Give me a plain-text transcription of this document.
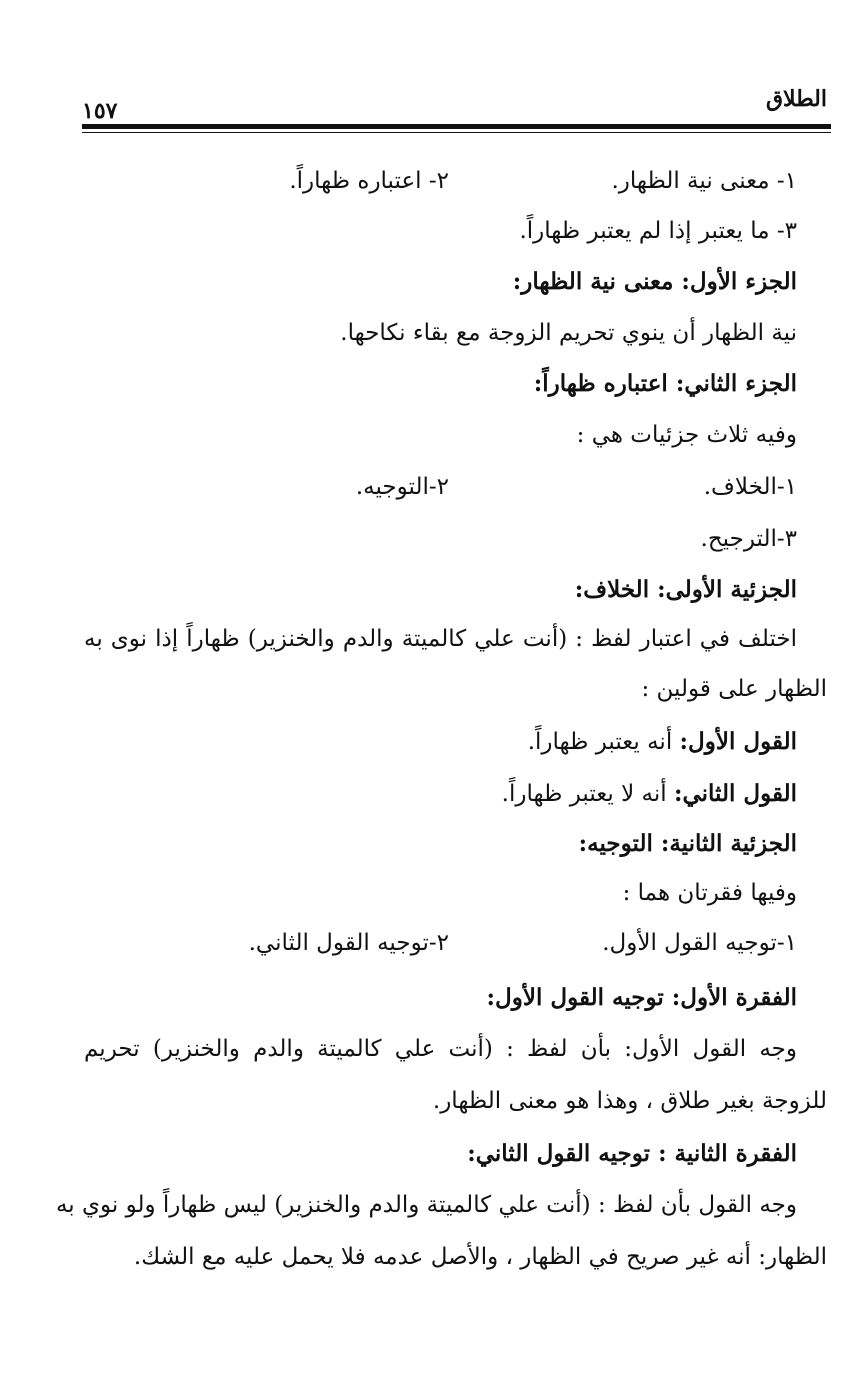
الطلاق
١٥٧
١- معنى نية الظهار.
٢- اعتباره ظهاراً.
٣- ما يعتبر إذا لم يعتبر ظهاراً.
الجزء الأول: معنى نية الظهار:
نية الظهار أن ينوي تحريم الزوجة مع بقاء نكاحها.
الجزء الثاني: اعتباره ظهاراً:
وفيه ثلاث جزئيات هي :
١-الخلاف.
٢-التوجيه.
٣-الترجيح.
الجزئية الأولى: الخلاف:
اختلف في اعتبار لفظ : (أنت علي كالميتة والدم والخنزير) ظهاراً إذا نوى به
الظهار على قولين :
القول الأول: أنه يعتبر ظهاراً.
القول الثاني: أنه لا يعتبر ظهاراً.
الجزئية الثانية: التوجيه:
وفيها فقرتان هما :
١-توجيه القول الأول.
٢-توجيه القول الثاني.
الفقرة الأول: توجيه القول الأول:
وجه القول الأول: بأن لفظ : (أنت علي كالميتة والدم والخنزير) تحريم
للزوجة بغير طلاق ، وهذا هو معنى الظهار.
الفقرة الثانية : توجيه القول الثاني:
وجه القول بأن لفظ : (أنت علي كالميتة والدم والخنزير) ليس ظهاراً ولو نوي به
الظهار: أنه غير صريح في الظهار ، والأصل عدمه فلا يحمل عليه مع الشك.
